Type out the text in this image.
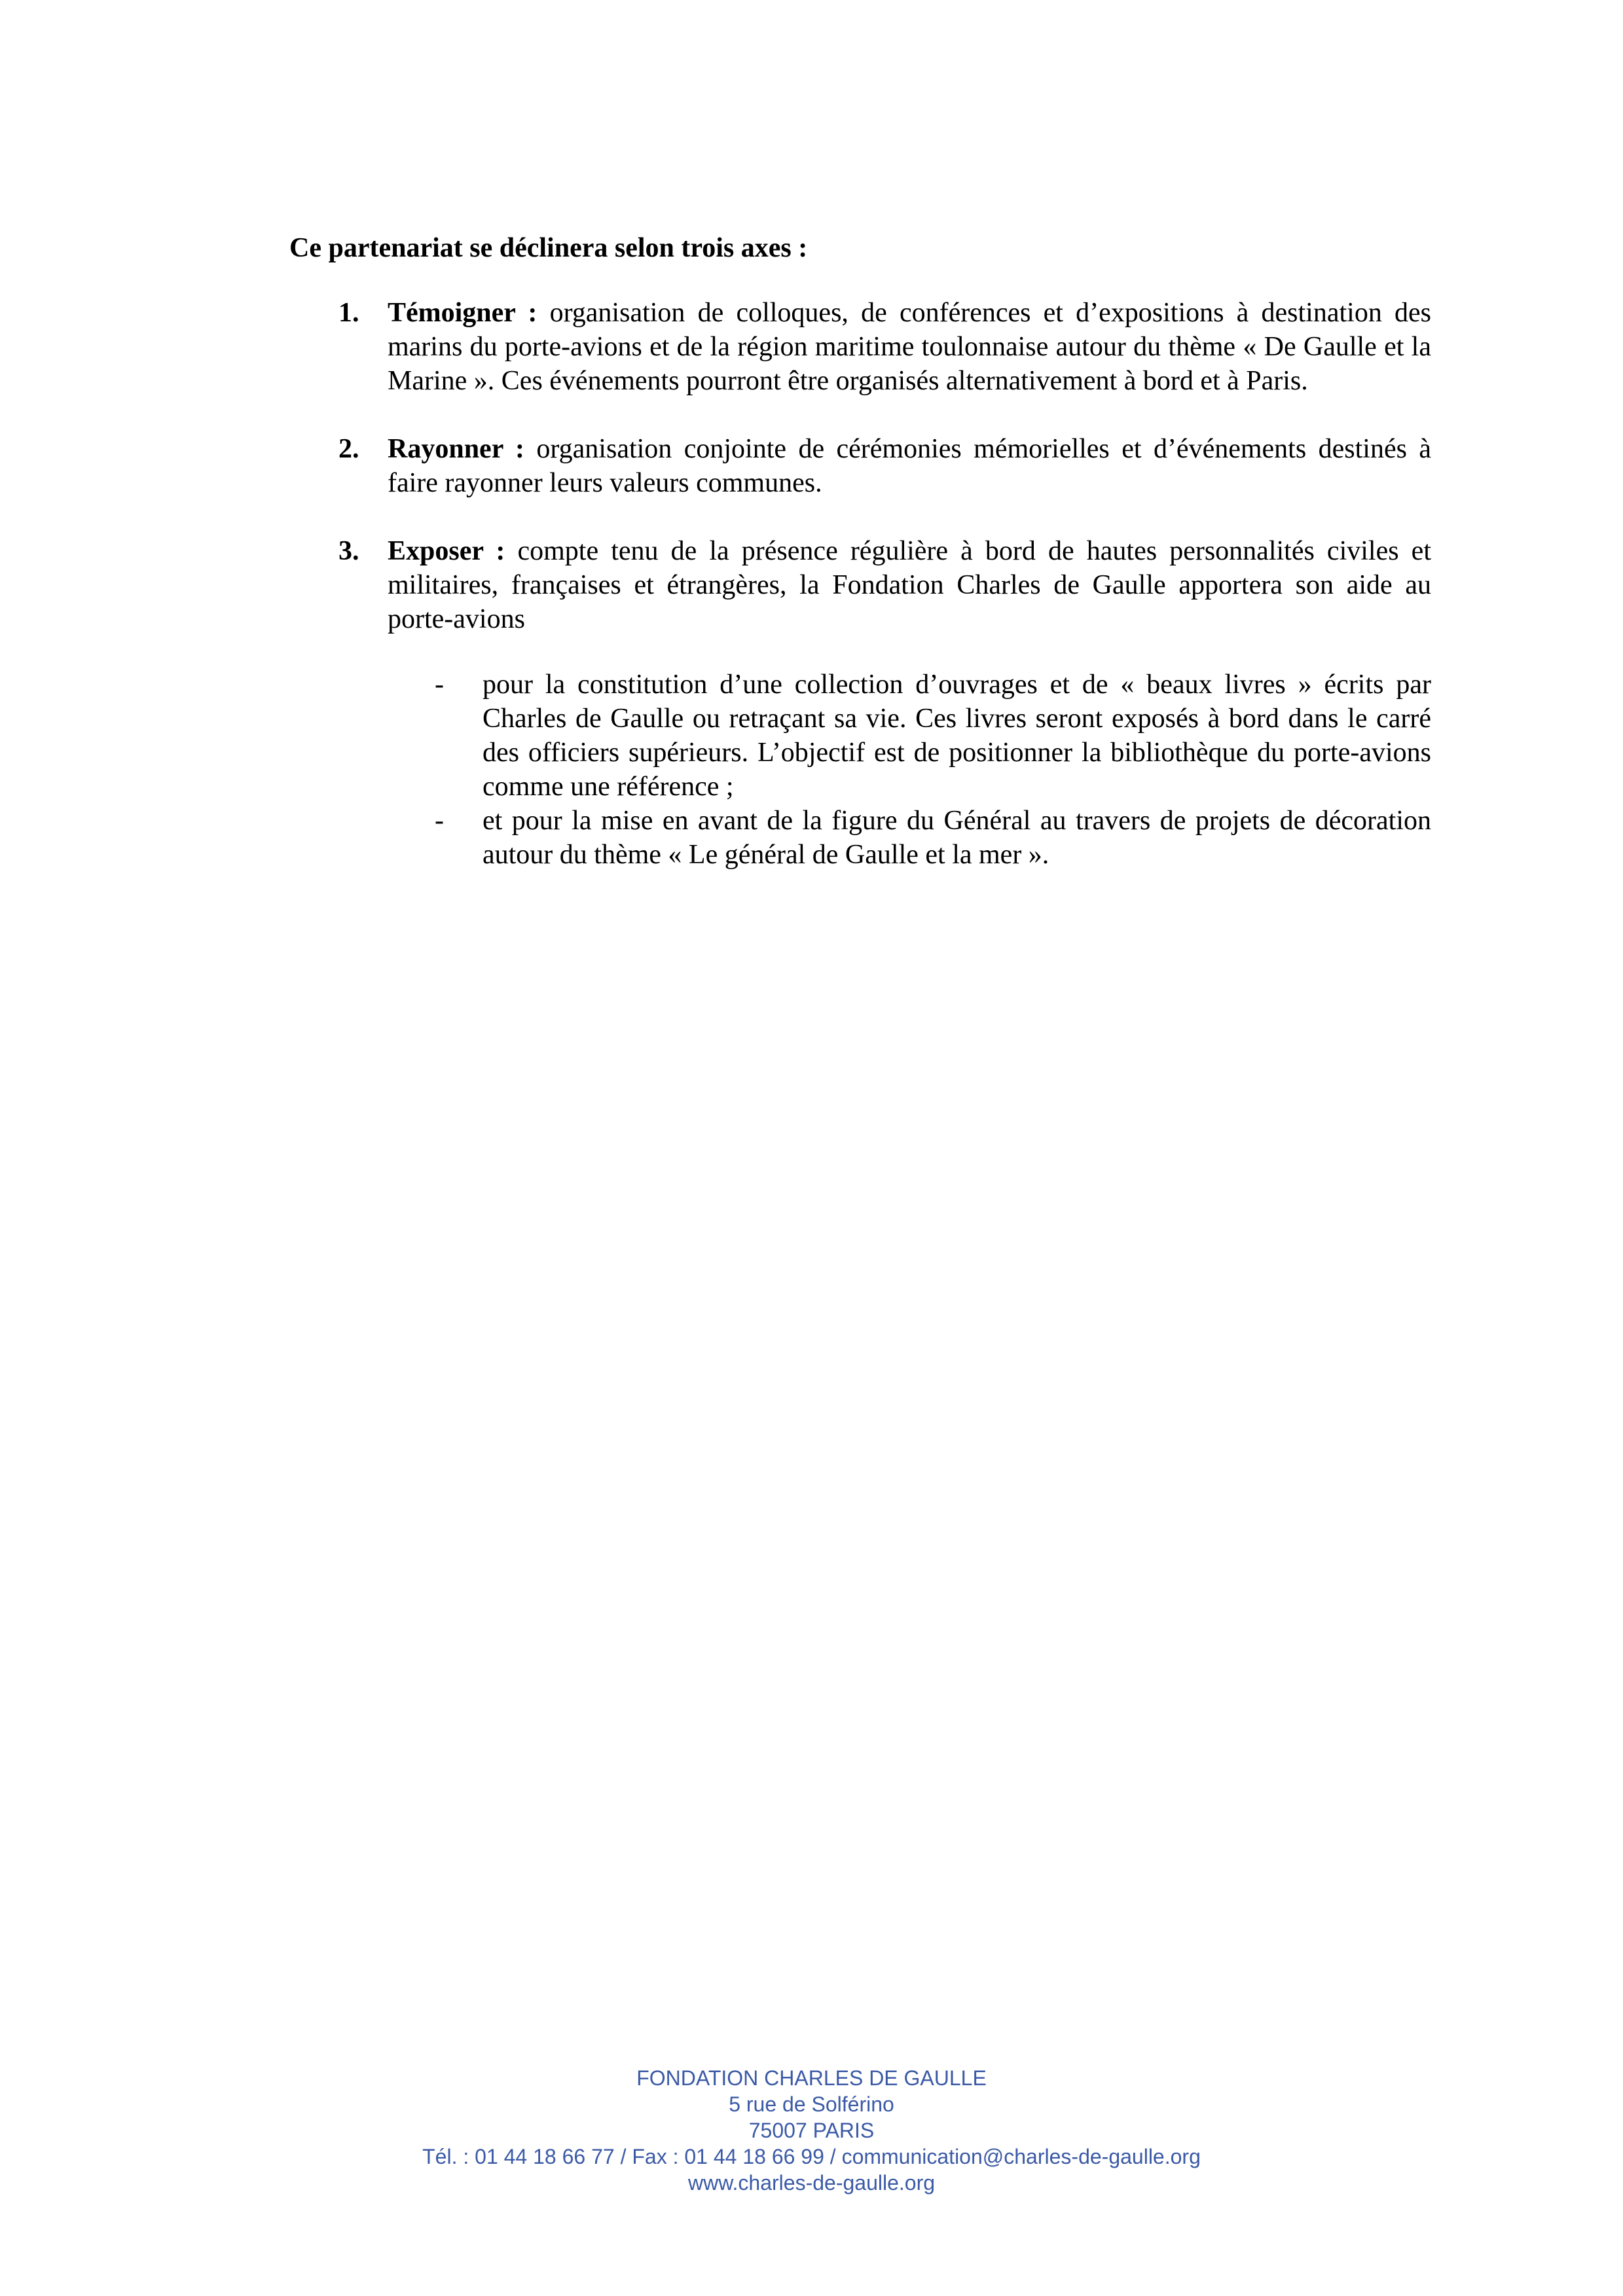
Ce partenariat se déclinera selon trois axes :
1. Témoigner : organisation de colloques, de conférences et d’expositions à destination des marins du porte-avions et de la région maritime toulonnaise autour du thème « De Gaulle et la Marine ». Ces événements pourront être organisés alternativement à bord et à Paris.
2. Rayonner : organisation conjointe de cérémonies mémorielles et d’événements destinés à faire rayonner leurs valeurs communes.
3. Exposer : compte tenu de la présence régulière à bord de hautes personnalités civiles et militaires, françaises et étrangères, la Fondation Charles de Gaulle apportera son aide au porte-avions
- pour la constitution d’une collection d’ouvrages et de « beaux livres » écrits par Charles de Gaulle ou retraçant sa vie. Ces livres seront exposés à bord dans le carré des officiers supérieurs. L’objectif est de positionner la bibliothèque du porte-avions comme une référence ;
- et pour la mise en avant de la figure du Général au travers de projets de décoration autour du thème « Le général de Gaulle et la mer ».
FONDATION CHARLES DE GAULLE
5 rue de Solférino
75007 PARIS
Tél. : 01 44 18 66 77 / Fax : 01 44 18 66 99 / communication@charles-de-gaulle.org
www.charles-de-gaulle.org
